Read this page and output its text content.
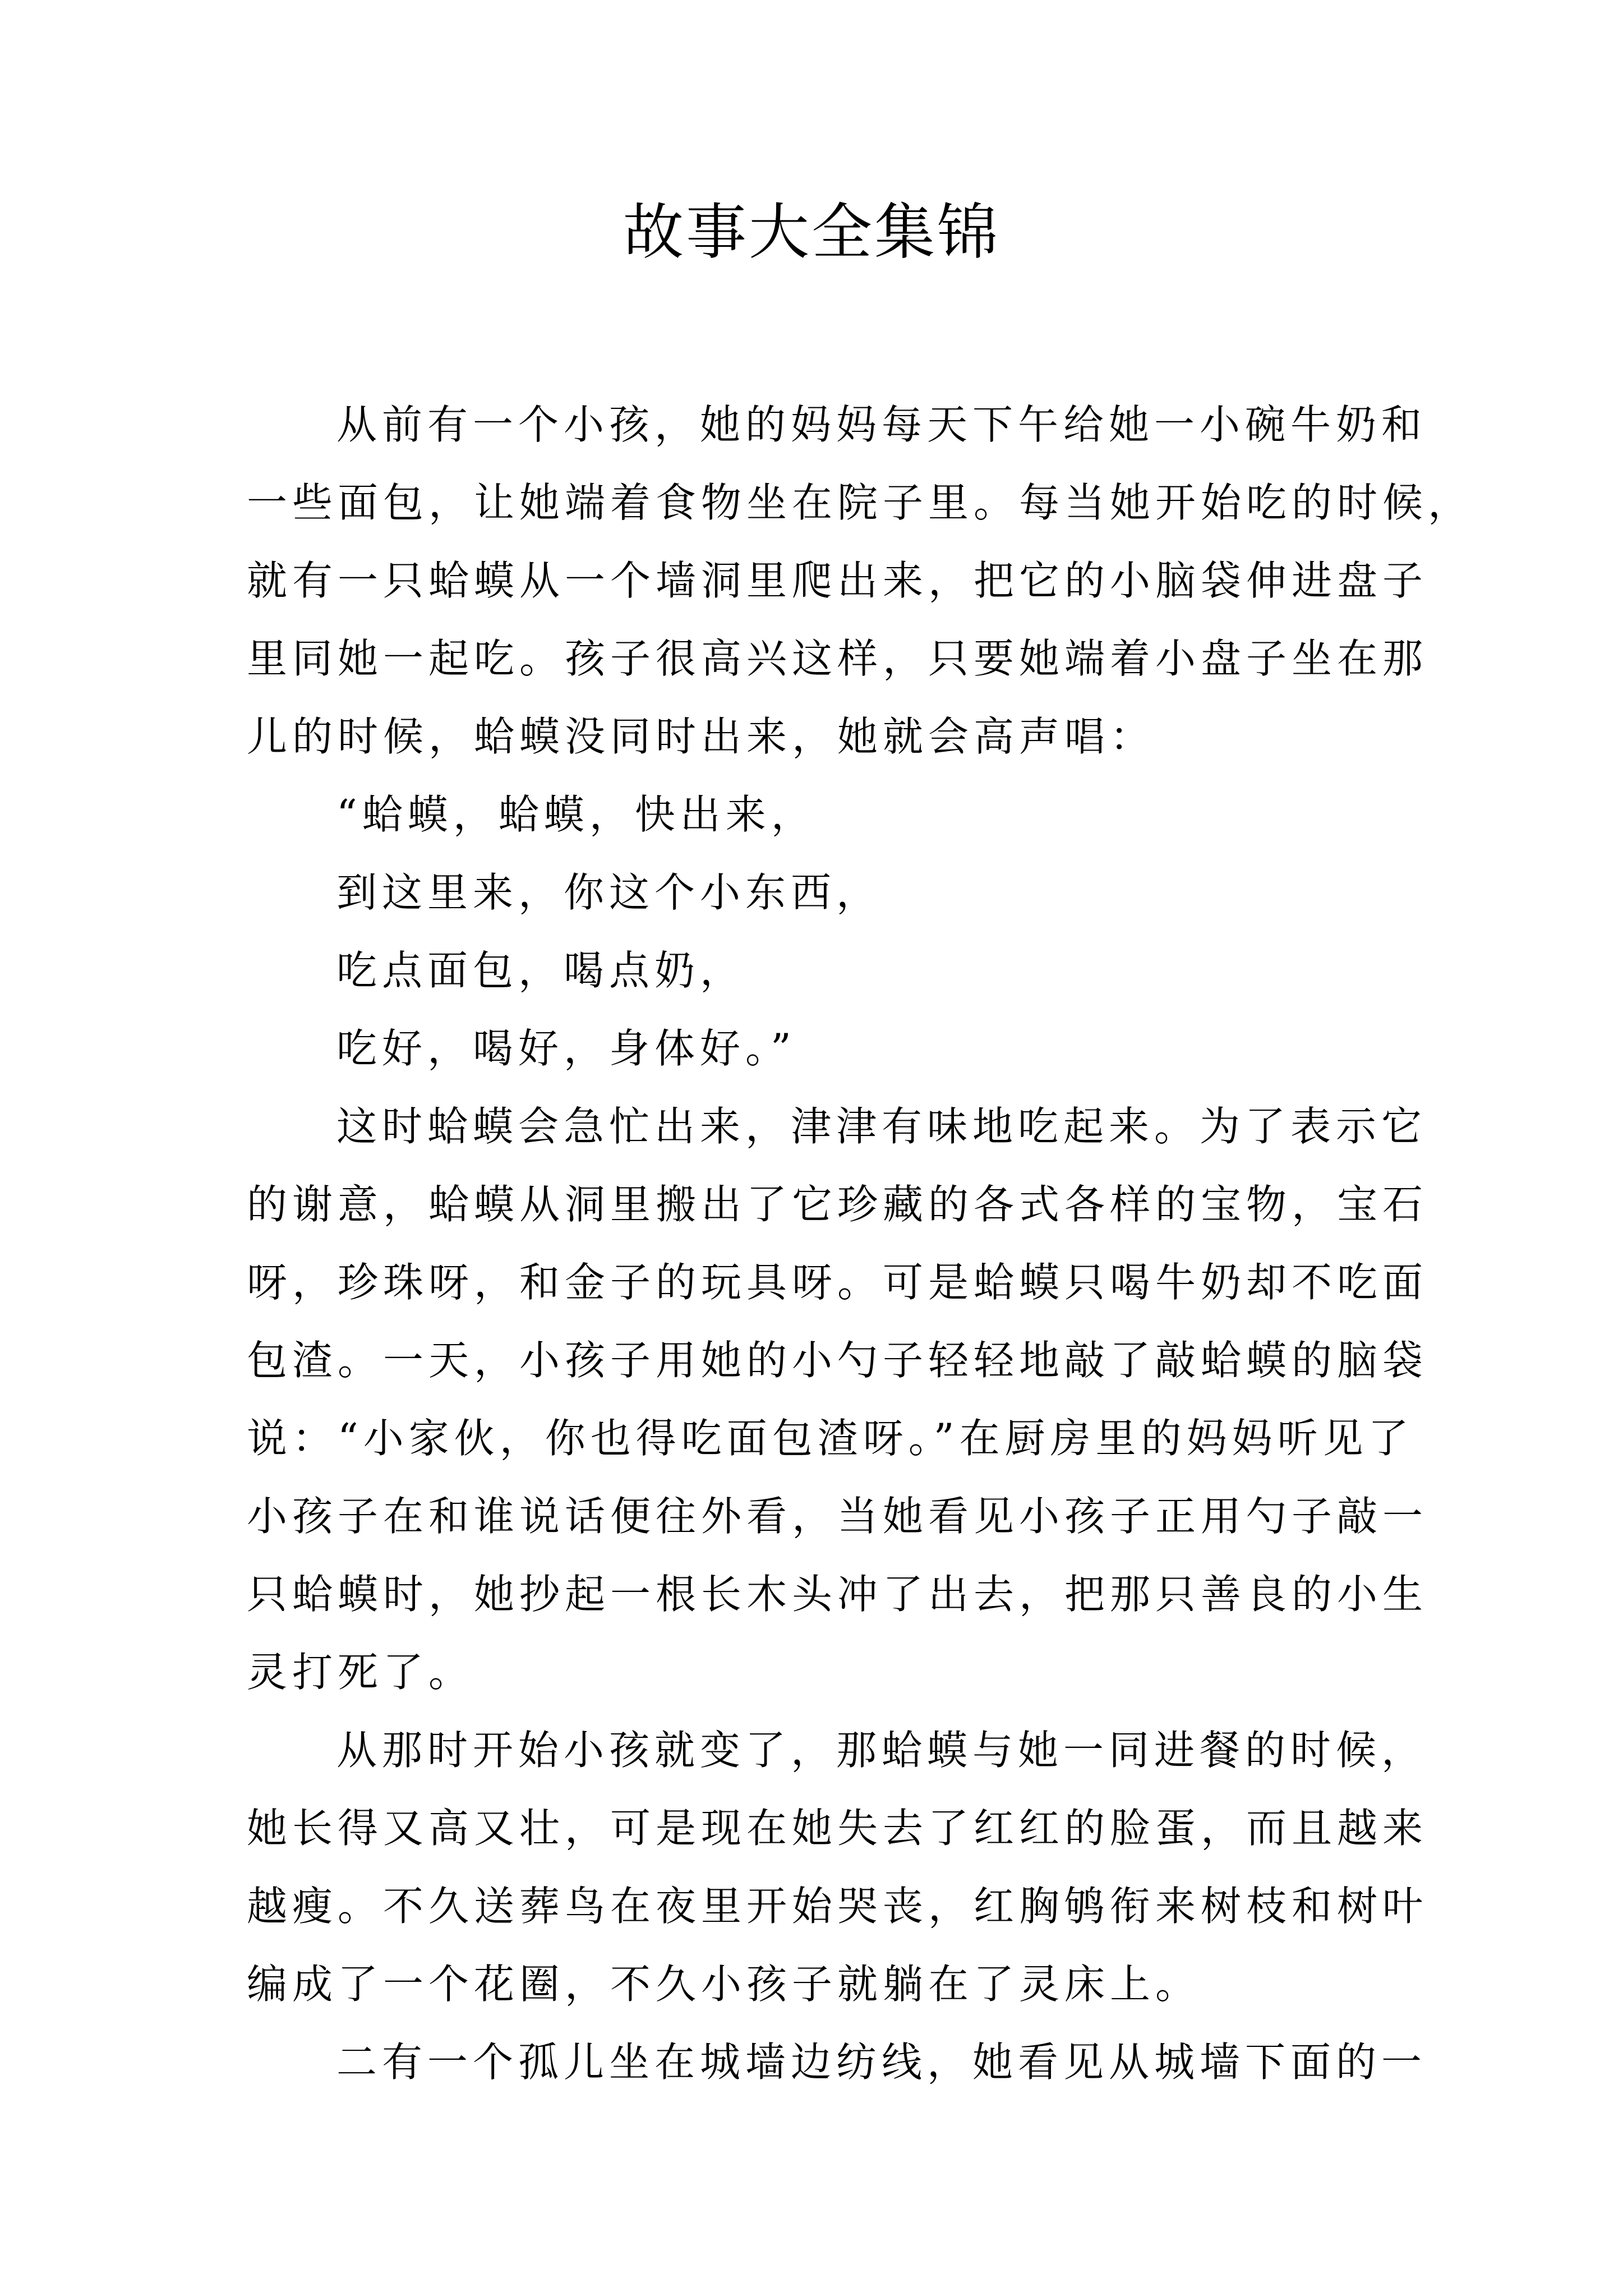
故事大全集锦
从前有一个小孩，她的妈妈每天下午给她一小碗牛奶和
一些面包，让她端着食物坐在院子里。每当她开始吃的时候，
就有一只蛤蟆从一个墙洞里爬出来，把它的小脑袋伸进盘子
里同她一起吃。孩子很高兴这样，只要她端着小盘子坐在那
儿的时候，蛤蟆没同时出来，她就会高声唱：
“蛤蟆，蛤蟆，快出来，
到这里来，你这个小东西，
吃点面包，喝点奶，
吃好，喝好，身体好。”
这时蛤蟆会急忙出来，津津有味地吃起来。为了表示它
的谢意，蛤蟆从洞里搬出了它珍藏的各式各样的宝物，宝石
呀，珍珠呀，和金子的玩具呀。可是蛤蟆只喝牛奶却不吃面
包渣。一天，小孩子用她的小勺子轻轻地敲了敲蛤蟆的脑袋
说：“小家伙，你也得吃面包渣呀。”在厨房里的妈妈听见了
小孩子在和谁说话便往外看，当她看见小孩子正用勺子敲一
只蛤蟆时，她抄起一根长木头冲了出去，把那只善良的小生
灵打死了。
从那时开始小孩就变了，那蛤蟆与她一同进餐的时候，
她长得又高又壮，可是现在她失去了红红的脸蛋，而且越来
越瘦。不久送葬鸟在夜里开始哭丧，红胸鸲衔来树枝和树叶
编成了一个花圈，不久小孩子就躺在了灵床上。
二有一个孤儿坐在城墙边纺线，她看见从城墙下面的一
